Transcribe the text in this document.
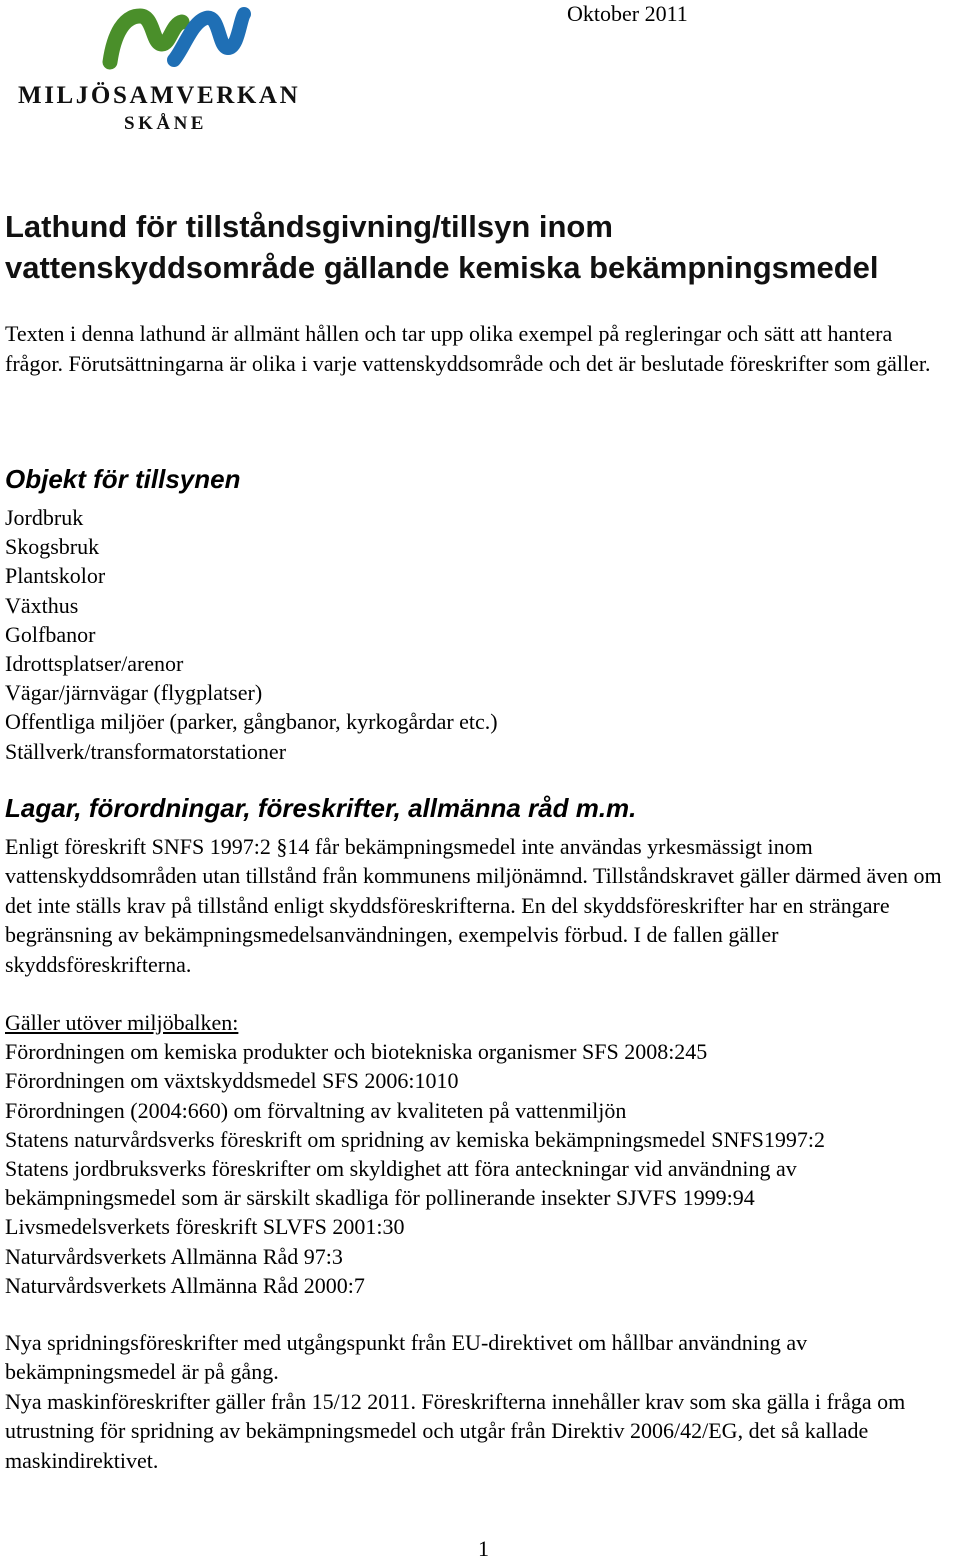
Oktober 2011
MILJÖSAMVERKAN
SKÅNE
Lathund för tillståndsgivning/tillsyn inom
vattenskyddsområde gällande kemiska bekämpningsmedel

Texten i denna lathund är allmänt hållen och tar upp olika exempel på regleringar och sätt att hantera frågor. Förutsättningarna är olika i varje vattenskyddsområde och det är beslutade föreskrifter som gäller.

Objekt för tillsynen
Jordbruk
Skogsbruk
Plantskolor
Växthus
Golfbanor
Idrottsplatser/arenor
Vägar/järnvägar (flygplatser)
Offentliga miljöer (parker, gångbanor, kyrkogårdar etc.)
Ställverk/transformatorstationer
Lagar, förordningar, föreskrifter, allmänna råd m.m.

Enligt föreskrift SNFS 1997:2 §14 får bekämpningsmedel inte användas yrkesmässigt inom vattenskyddsområden utan tillstånd från kommunens miljönämnd. Tillståndskravet gäller därmed även om det inte ställs krav på tillstånd enligt skyddsföreskrifterna. En del skyddsföreskrifter har en strängare begränsning av bekämpningsmedelsanvändningen, exempelvis förbud. I de fallen gäller skyddsföreskrifterna.

Gäller utöver miljöbalken:
Förordningen om kemiska produkter och biotekniska organismer SFS 2008:245
Förordningen om växtskyddsmedel SFS 2006:1010
Förordningen (2004:660) om förvaltning av kvaliteten på vattenmiljön
Statens naturvårdsverks föreskrift om spridning av kemiska bekämpningsmedel SNFS1997:2
Statens jordbruksverks föreskrifter om skyldighet att föra anteckningar vid användning av
bekämpningsmedel som är särskilt skadliga för pollinerande insekter SJVFS 1999:94
Livsmedelsverkets föreskrift SLVFS 2001:30
Naturvårdsverkets Allmänna Råd 97:3
Naturvårdsverkets Allmänna Råd 2000:7

Nya spridningsföreskrifter med utgångspunkt från EU-direktivet om hållbar användning av bekämpningsmedel är på gång.

Nya maskinföreskrifter gäller från 15/12 2011. Föreskrifterna innehåller krav som ska gälla i fråga om utrustning för spridning av bekämpningsmedel och utgår från Direktiv 2006/42/EG, det så kallade maskindirektivet.

1
